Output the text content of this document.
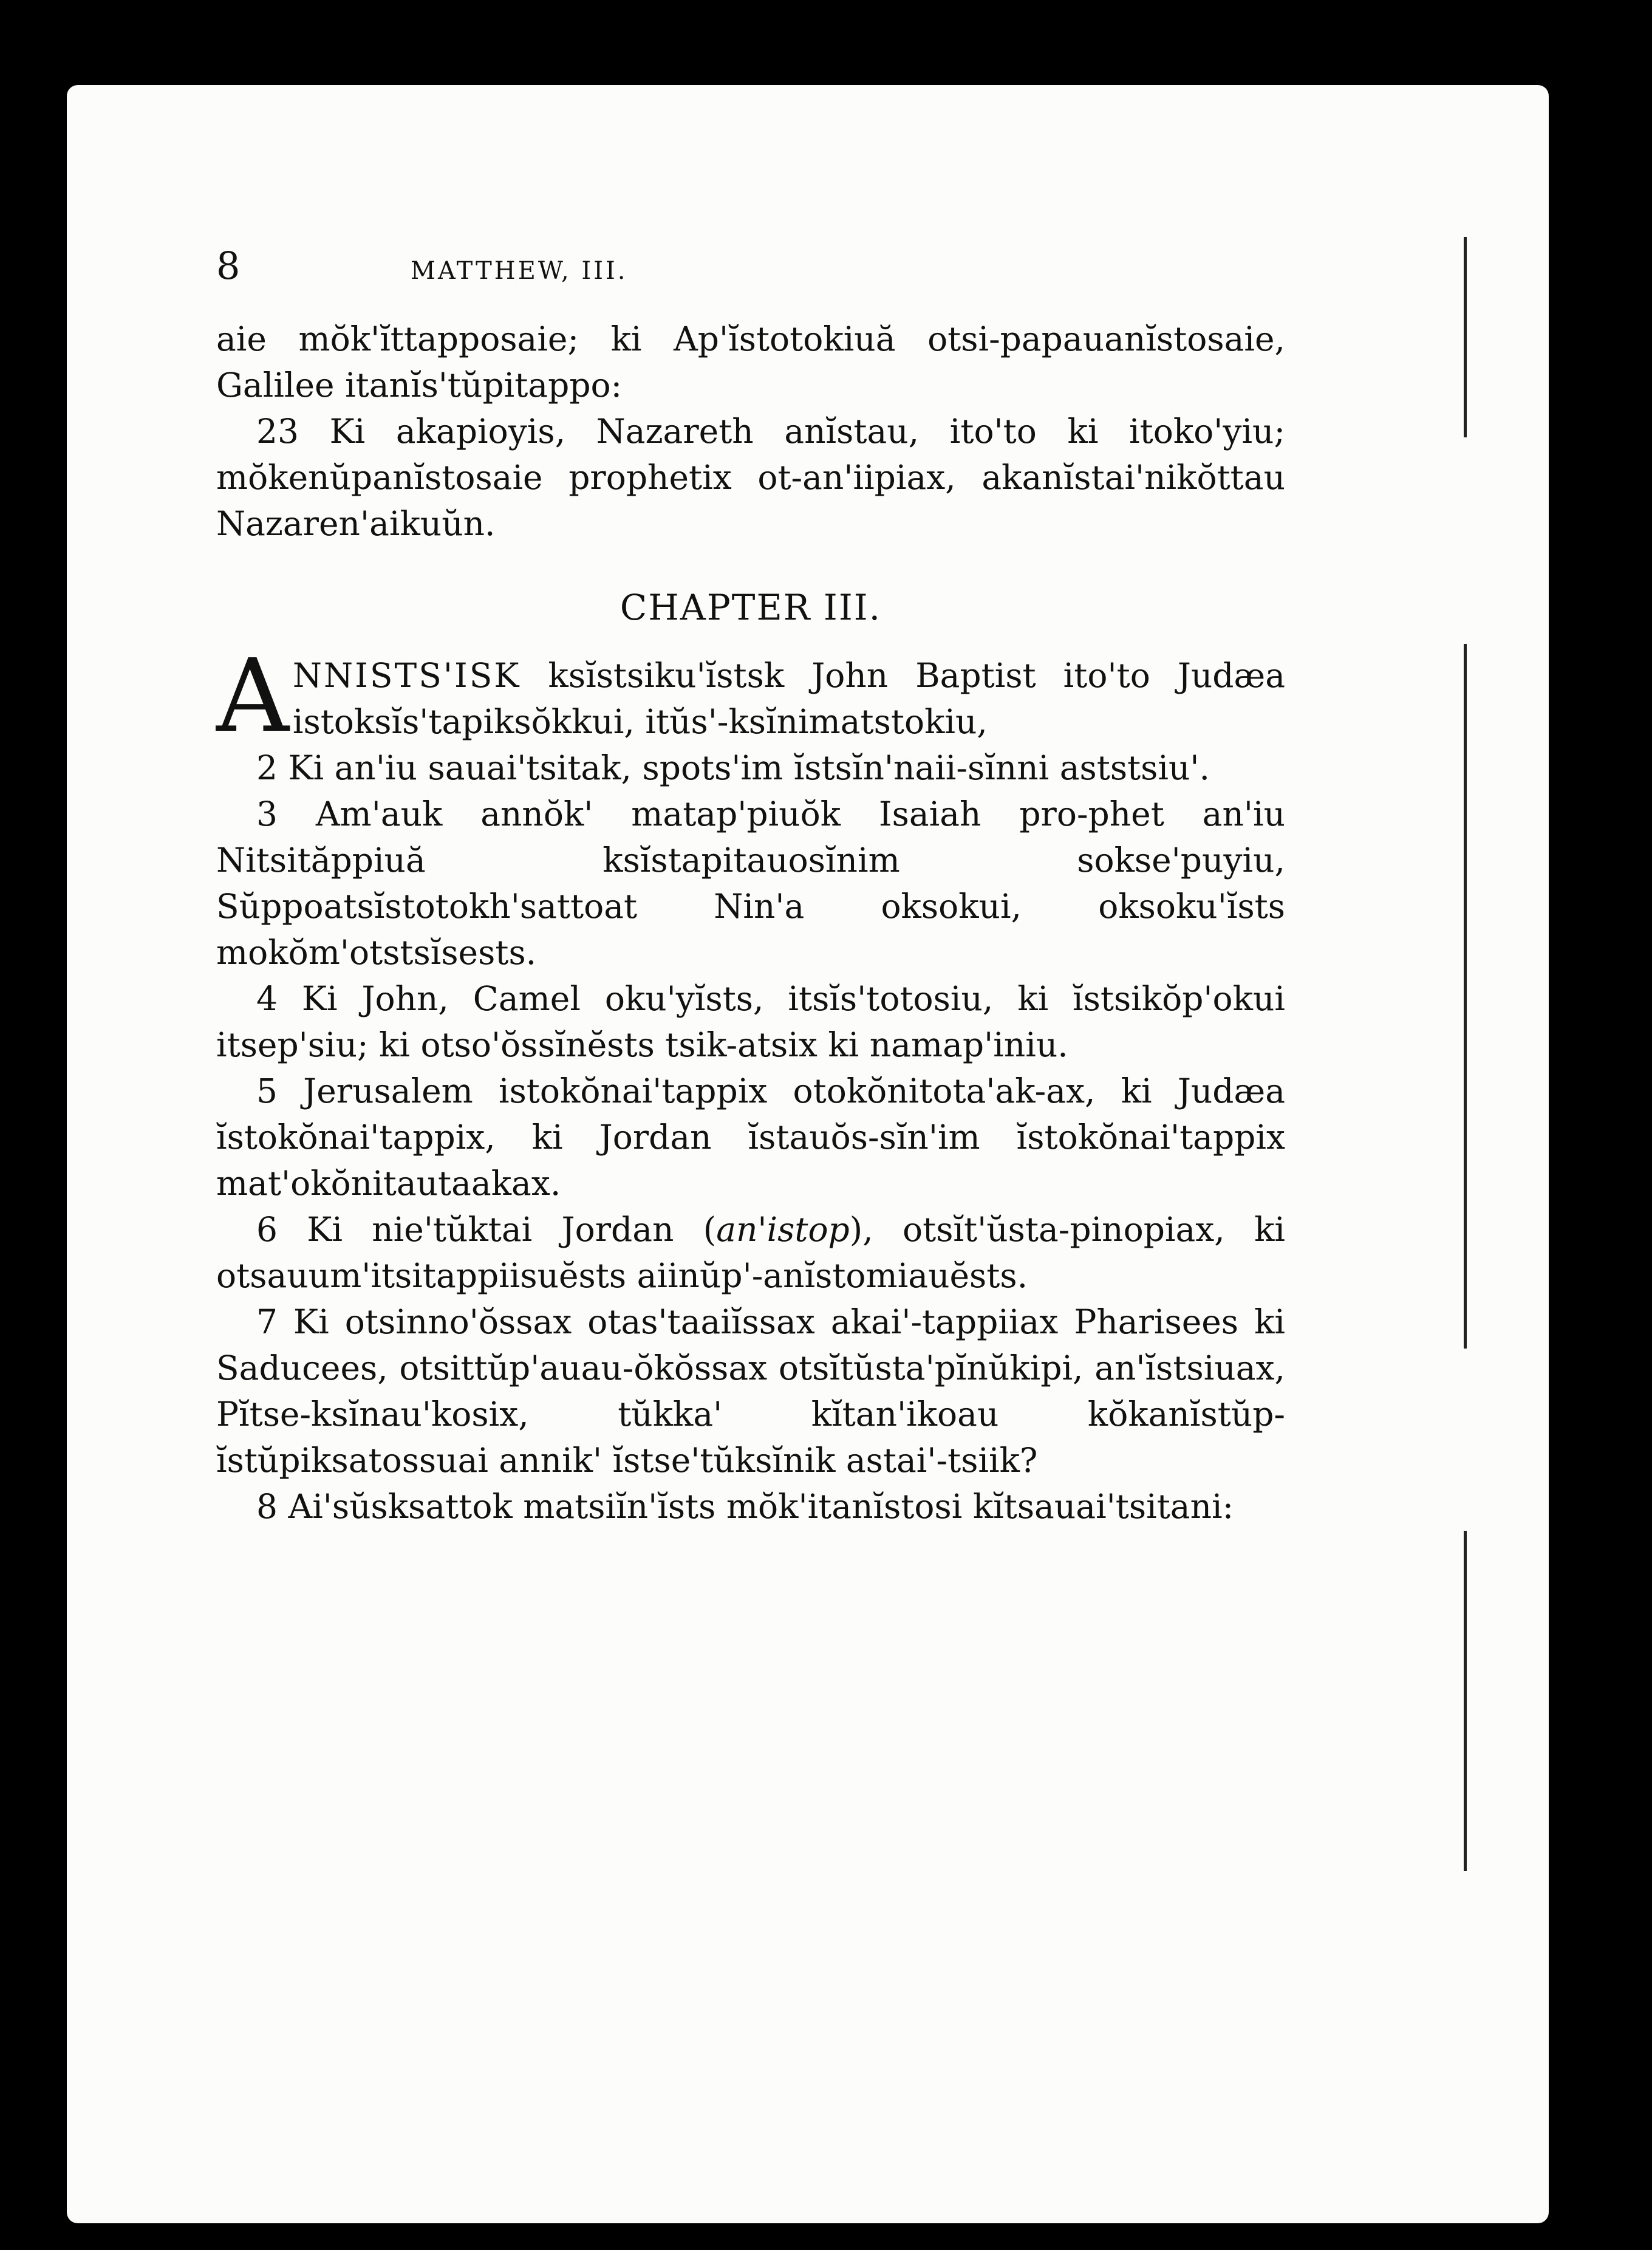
8	MATTHEW, III.

aie mŏk'ĭttapposaie; ki Ap'ĭstotokiuă otsi-papauanĭstosaie, Galilee itanĭs'tŭpitappo:

23 Ki akapioyis, Nazareth anĭstau, ito'to ki itoko'yiu; mŏkenŭpanĭstosaie prophetix ot-an'iipiax, akanĭstai'nikŏttau Nazaren'aikuŭn.

CHAPTER III.

ANNISTS'ISK ksĭstsiku'ĭstsk John Baptist ito'to Judæa istoksĭs'tapiksŏkkui, itŭs'-ksĭnimatstokiu,

2 Ki an'iu sauai'tsitak, spots'im ĭstsĭn'naii-sĭnni aststsiu'.

3 Am'auk annŏk' matap'piuŏk Isaiah pro-phet an'iu Nitsităppiuă ksĭstapitauosĭnim sokse'puyiu, Sŭppoatsĭstotokh'sattoat Nin'a oksokui, oksoku'ĭsts mokŏm'otstsĭsests.

4 Ki John, Camel oku'yĭsts, itsĭs'totosiu, ki ĭstsikŏp'okui itsep'siu; ki otso'ŏssĭnĕsts tsik-atsix ki namap'iniu.

5 Jerusalem istokŏnai'tappix otokŏnitota'ak-ax, ki Judæa ĭstokŏnai'tappix, ki Jordan ĭstauŏs-sĭn'im ĭstokŏnai'tappix mat'okŏnitautaakax.

6 Ki nie'tŭktai Jordan (an'istop), otsĭt'ŭsta-pinopiax, ki otsauum'itsitappiisuĕsts aiinŭp'-anĭstomiauĕsts.

7 Ki otsinno'ŏssax otas'taaiĭssax akai'-tappiiax Pharisees ki Saducees, otsittŭp'auau-ŏkŏssax otsĭtŭsta'pĭnŭkipi, an'ĭstsiuax, Pĭtse-ksĭnau'kosix, tŭkka' kĭtan'ikoau kŏkanĭstŭp-ĭstŭpiksatossuai annik' ĭstse'tŭksĭnik astai'-tsiik?

8 Ai'sŭsksattok matsiĭn'ĭsts mŏk'itanĭstosi kĭtsauai'tsitani:
